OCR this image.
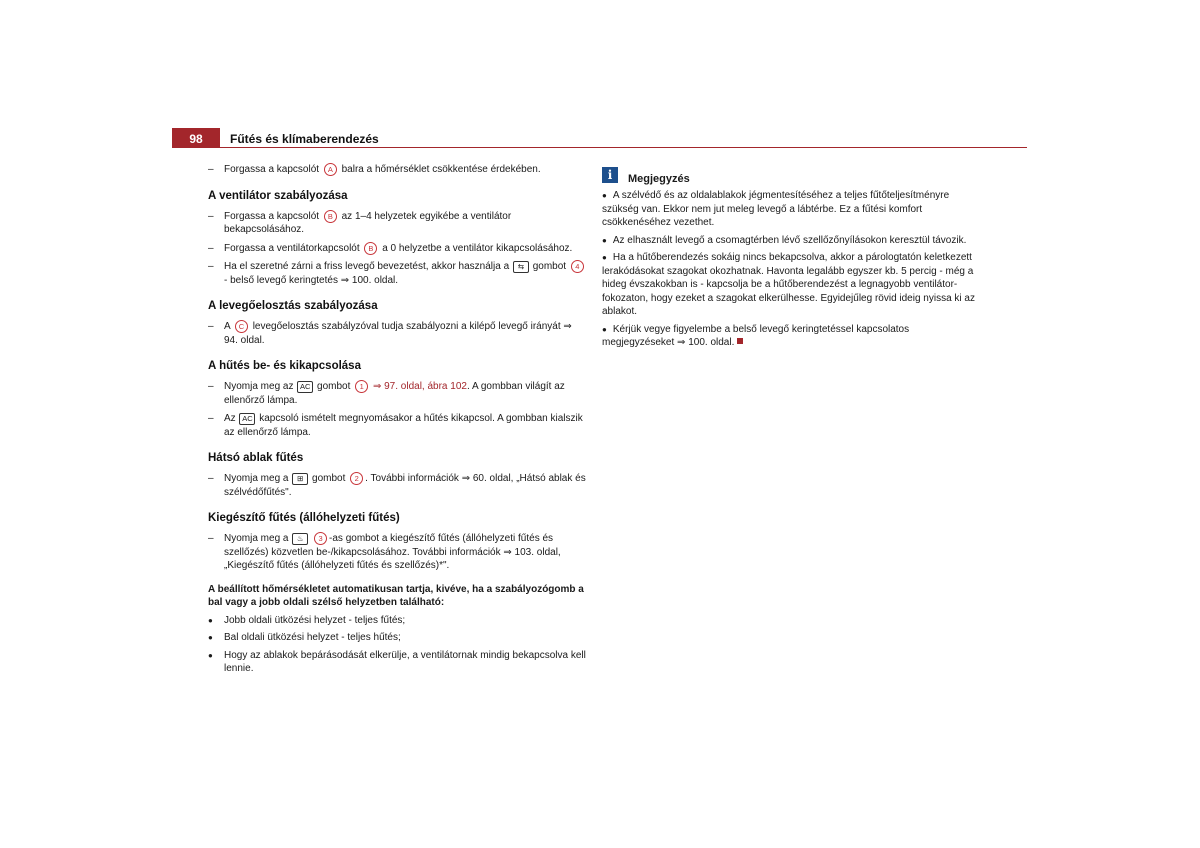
98	Fűtés és klímaberendezés
– Forgassa a kapcsolót A balra a hőmérséklet csökkentése érdekében.
A ventilátor szabályozása
– Forgassa a kapcsolót B az 1–4 helyzetek egyikébe a ventilátor bekapcsolásához.
– Forgassa a ventilátorkapcsolót B a 0 helyzetbe a ventilátor kikapcsolásához.
– Ha el szeretné zárni a friss levegő bevezetést, akkor használja a ⇆ gombot 4 - belső levegő keringtetés ⇒ 100. oldal.
A levegőelosztás szabályozása
– A C levegőelosztás szabályzóval tudja szabályozni a kilépő levegő irányát ⇒ 94. oldal.
A hűtés be- és kikapcsolása
– Nyomja meg az AC gombot 1 ⇒ 97. oldal, ábra 102. A gombban világít az ellenőrző lámpa.
– Az AC kapcsoló ismételt megnyomásakor a hűtés kikapcsol. A gombban kialszik az ellenőrző lámpa.
Hátsó ablak fűtés
– Nyomja meg a ⊞ gombot 2 . További információk ⇒ 60. oldal, „Hátsó ablak és szélvédőfűtés".
Kiegészítő fűtés (állóhelyzeti fűtés)
– Nyomja meg a ♨ 3 -as gombot a kiegészítő fűtés (állóhelyzeti fűtés és szellőzés) közvetlen be-/kikapcsolásához. További információk ⇒ 103. oldal, „Kiegészítő fűtés (állóhelyzeti fűtés és szellőzés)*".
A beállított hőmérsékletet automatikusan tartja, kivéve, ha a szabályozógomb a bal vagy a jobb oldali szélső helyzetben található:
● Jobb oldali ütközési helyzet - teljes fűtés;
● Bal oldali ütközési helyzet - teljes hűtés;
● Hogy az ablakok bepárásodását elkerülje, a ventilátornak mindig bekapcsolva kell lennie.
i	Megjegyzés
● A szélvédő és az oldalablakok jégmentesítéséhez a teljes fűtőteljesítményre szükség van. Ekkor nem jut meleg levegő a lábtérbe. Ez a fűtési komfort csökkenéséhez vezethet.
● Az elhasznált levegő a csomagtérben lévő szellőzőnyílásokon keresztül távozik.
● Ha a hűtőberendezés sokáig nincs bekapcsolva, akkor a párologtatón keletkezett lerakódásokat szagokat okozhatnak. Havonta legalább egyszer kb. 5 percig - még a hideg évszakokban is - kapcsolja be a hűtőberendezést a legnagyobb ventilátor-fokozaton, hogy ezeket a szagokat elkerülhesse. Egyidejűleg rövid ideig nyissa ki az ablakot.
● Kérjük vegye figyelembe a belső levegő keringtetéssel kapcsolatos megjegyzéseket ⇒ 100. oldal.
